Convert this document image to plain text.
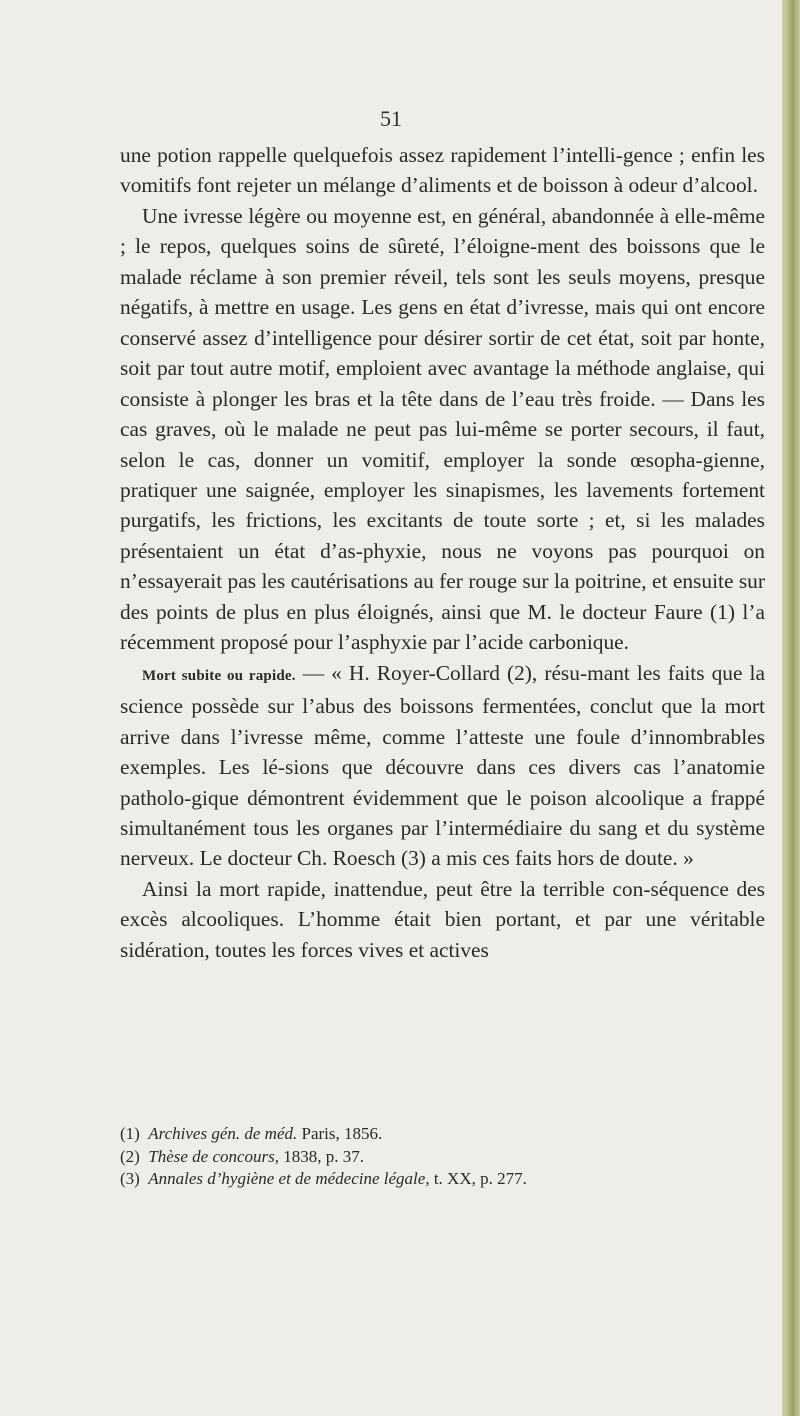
51

une potion rappelle quelquefois assez rapidement l’intelli-gence ; enfin les vomitifs font rejeter un mélange d’aliments et de boisson à odeur d’alcool.

Une ivresse légère ou moyenne est, en général, abandonnée à elle-même ; le repos, quelques soins de sûreté, l’éloigne-ment des boissons que le malade réclame à son premier réveil, tels sont les seuls moyens, presque négatifs, à mettre en usage. Les gens en état d’ivresse, mais qui ont encore conservé assez d’intelligence pour désirer sortir de cet état, soit par honte, soit par tout autre motif, emploient avec avantage la méthode anglaise, qui consiste à plonger les bras et la tête dans de l’eau très froide. — Dans les cas graves, où le malade ne peut pas lui-même se porter secours, il faut, selon le cas, donner un vomitif, employer la sonde œsopha-gienne, pratiquer une saignée, employer les sinapismes, les lavements fortement purgatifs, les frictions, les excitants de toute sorte ; et, si les malades présentaient un état d’as-phyxie, nous ne voyons pas pourquoi on n’essayerait pas les cautérisations au fer rouge sur la poitrine, et ensuite sur des points de plus en plus éloignés, ainsi que M. le docteur Faure (1) l’a récemment proposé pour l’asphyxie par l’acide carbonique.

Mort subite ou rapide. — « H. Royer-Collard (2), résu-mant les faits que la science possède sur l’abus des boissons fermentées, conclut que la mort arrive dans l’ivresse même, comme l’atteste une foule d’innombrables exemples. Les lé-sions que découvre dans ces divers cas l’anatomie patholo-gique démontrent évidemment que le poison alcoolique a frappé simultanément tous les organes par l’intermédiaire du sang et du système nerveux. Le docteur Ch. Roesch (3) a mis ces faits hors de doute. »

Ainsi la mort rapide, inattendue, peut être la terrible con-séquence des excès alcooliques. L’homme était bien portant, et par une véritable sidération, toutes les forces vives et actives

(1) Archives gén. de méd. Paris, 1856.
(2) Thèse de concours, 1838, p. 37.
(3) Annales d’hygiène et de médecine légale, t. XX, p. 277.
